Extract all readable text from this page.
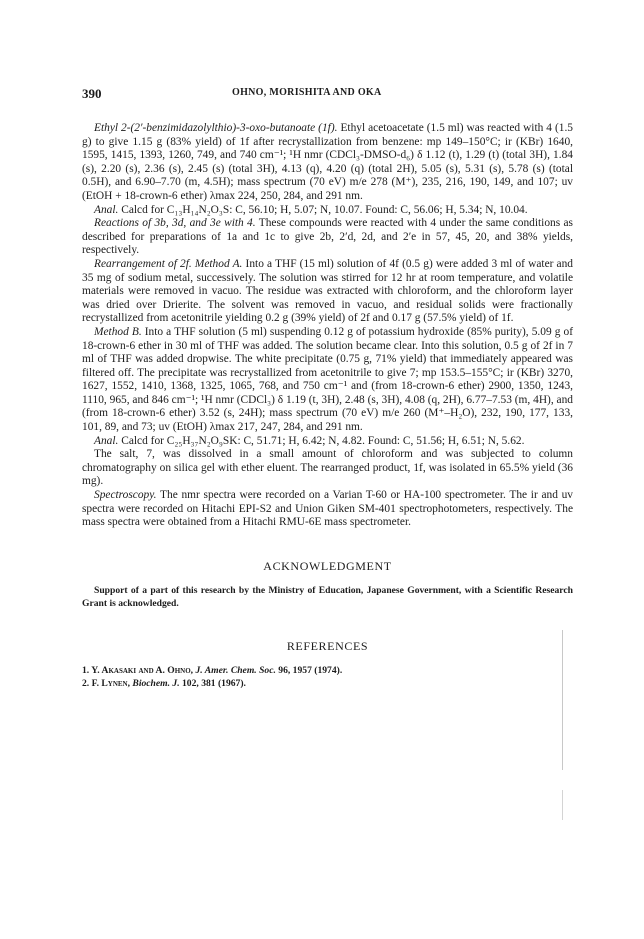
390	OHNO, MORISHITA AND OKA

Ethyl 2-(2′-benzimidazolylthio)-3-oxo-butanoate (1f). Ethyl acetoacetate (1.5 ml) was reacted with 4 (1.5 g) to give 1.15 g (83% yield) of 1f after recrystallization from benzene: mp 149–150°C; ir (KBr) 1640, 1595, 1415, 1393, 1260, 749, and 740 cm⁻¹; ¹H nmr (CDCl₃-DMSO-d₆) δ 1.12 (t), 1.29 (t) (total 3H), 1.84 (s), 2.20 (s), 2.36 (s), 2.45 (s) (total 3H), 4.13 (q), 4.20 (q) (total 2H), 5.05 (s), 5.31 (s), 5.78 (s) (total 0.5H), and 6.90–7.70 (m, 4.5H); mass spectrum (70 eV) m/e 278 (M⁺), 235, 216, 190, 149, and 107; uv (EtOH + 18-crown-6 ether) λmax 224, 250, 284, and 291 nm.

Anal. Calcd for C₁₃H₁₄N₂O₃S: C, 56.10; H, 5.07; N, 10.07. Found: C, 56.06; H, 5.34; N, 10.04.

Reactions of 3b, 3d, and 3e with 4. These compounds were reacted with 4 under the same conditions as described for preparations of 1a and 1c to give 2b, 2′d, 2d, and 2′e in 57, 45, 20, and 38% yields, respectively.

Rearrangement of 2f. Method A. Into a THF (15 ml) solution of 4f (0.5 g) were added 3 ml of water and 35 mg of sodium metal, successively. The solution was stirred for 12 hr at room temperature, and volatile materials were removed in vacuo. The residue was extracted with chloroform, and the chloroform layer was dried over Drierite. The solvent was removed in vacuo, and residual solids were fractionally recrystallized from acetonitrile yielding 0.2 g (39% yield) of 2f and 0.17 g (57.5% yield) of 1f.

Method B. Into a THF solution (5 ml) suspending 0.12 g of potassium hydroxide (85% purity), 5.09 g of 18-crown-6 ether in 30 ml of THF was added. The solution became clear. Into this solution, 0.5 g of 2f in 7 ml of THF was added dropwise. The white precipitate (0.75 g, 71% yield) that immediately appeared was filtered off. The precipitate was recrystallized from acetonitrile to give 7; mp 153.5–155°C; ir (KBr) 3270, 1627, 1552, 1410, 1368, 1325, 1065, 768, and 750 cm⁻¹ and (from 18-crown-6 ether) 2900, 1350, 1243, 1110, 965, and 846 cm⁻¹; ¹H nmr (CDCl₃) δ 1.19 (t, 3H), 2.48 (s, 3H), 4.08 (q, 2H), 6.77–7.53 (m, 4H), and (from 18-crown-6 ether) 3.52 (s, 24H); mass spectrum (70 eV) m/e 260 (M⁺–H₂O), 232, 190, 177, 133, 101, 89, and 73; uv (EtOH) λmax 217, 247, 284, and 291 nm.

Anal. Calcd for C₂₅H₃₇N₂O₉SK: C, 51.71; H, 6.42; N, 4.82. Found: C, 51.56; H, 6.51; N, 5.62.

The salt, 7, was dissolved in a small amount of chloroform and was subjected to column chromatography on silica gel with ether eluent. The rearranged product, 1f, was isolated in 65.5% yield (36 mg).

Spectroscopy. The nmr spectra were recorded on a Varian T-60 or HA-100 spectrometer. The ir and uv spectra were recorded on Hitachi EPI-S2 and Union Giken SM-401 spectrophotometers, respectively. The mass spectra were obtained from a Hitachi RMU-6E mass spectrometer.

ACKNOWLEDGMENT

Support of a part of this research by the Ministry of Education, Japanese Government, with a Scientific Research Grant is acknowledged.

REFERENCES

1. Y. Akasaki and A. Ohno, J. Amer. Chem. Soc. 96, 1957 (1974).
2. F. Lynen, Biochem. J. 102, 381 (1967).
